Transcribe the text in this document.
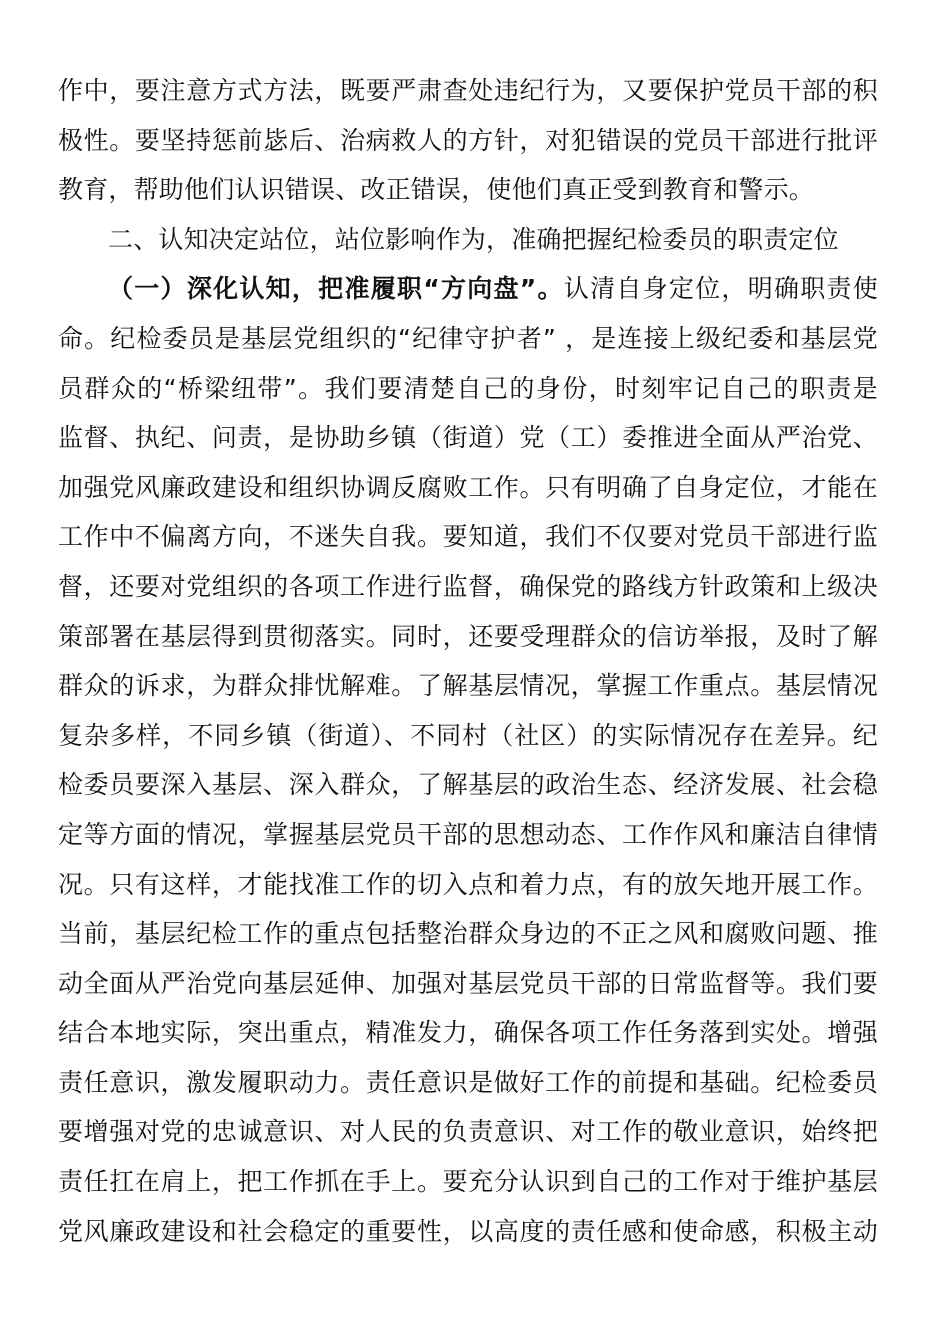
作中，要注意方式方法，既要严肃查处违纪行为，又要保护党员干部的积
极性。要坚持惩前毖后、治病救人的方针，对犯错误的党员干部进行批评
教育，帮助他们认识错误、改正错误，使他们真正受到教育和警示。
二、认知决定站位，站位影响作为，准确把握纪检委员的职责定位
（一）深化认知，把准履职“方向盘”。认清自身定位，明确职责使
命。纪检委员是基层党组织的“纪律守护者” ，是连接上级纪委和基层党
员群众的“桥梁纽带”。我们要清楚自己的身份，时刻牢记自己的职责是
监督、执纪、问责，是协助乡镇（街道）党（工）委推进全面从严治党、
加强党风廉政建设和组织协调反腐败工作。只有明确了自身定位，才能在
工作中不偏离方向，不迷失自我。要知道，我们不仅要对党员干部进行监
督，还要对党组织的各项工作进行监督，确保党的路线方针政策和上级决
策部署在基层得到贯彻落实。同时，还要受理群众的信访举报，及时了解
群众的诉求，为群众排忧解难。了解基层情况，掌握工作重点。基层情况
复杂多样，不同乡镇（街道）、不同村（社区）的实际情况存在差异。纪
检委员要深入基层、深入群众，了解基层的政治生态、经济发展、社会稳
定等方面的情况，掌握基层党员干部的思想动态、工作作风和廉洁自律情
况。只有这样，才能找准工作的切入点和着力点，有的放矢地开展工作。
当前，基层纪检工作的重点包括整治群众身边的不正之风和腐败问题、推
动全面从严治党向基层延伸、加强对基层党员干部的日常监督等。我们要
结合本地实际，突出重点，精准发力，确保各项工作任务落到实处。增强
责任意识，激发履职动力。责任意识是做好工作的前提和基础。纪检委员
要增强对党的忠诚意识、对人民的负责意识、对工作的敬业意识，始终把
责任扛在肩上，把工作抓在手上。要充分认识到自己的工作对于维护基层
党风廉政建设和社会稳定的重要性，以高度的责任感和使命感，积极主动
